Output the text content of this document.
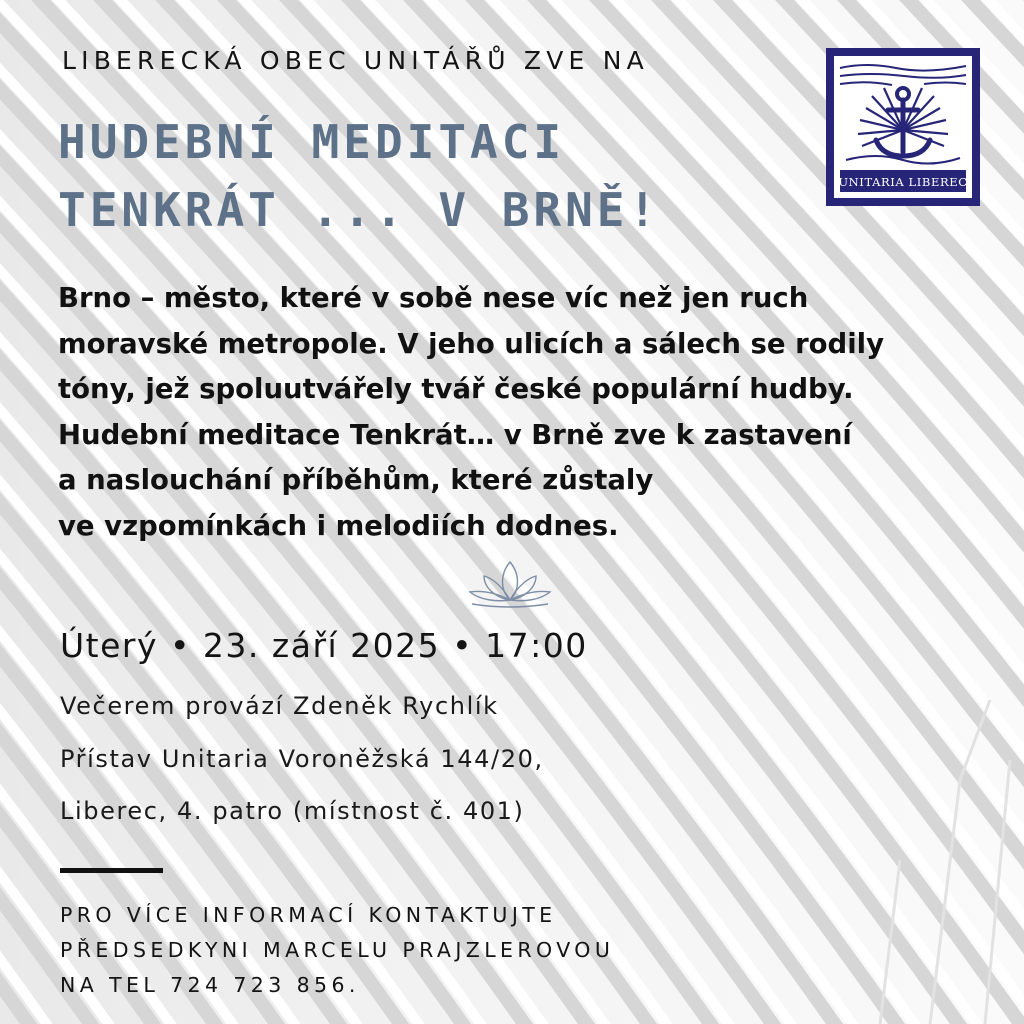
LIBERECKÁ OBEC UNITÁŘŮ ZVE NA
HUDEBNÍ MEDITACI
TENKRÁT ... V BRNĚ!
UNITARIA LIBEREC
Brno – město, které v sobě nese víc než jen ruch
moravské metropole. V jeho ulicích a sálech se rodily
tóny, jež spoluutvářely tvář české populární hudby.
Hudební meditace Tenkrát… v Brně zve k zastavení
a naslouchání příběhům, které zůstaly
ve vzpomínkách i melodiích dodnes.
Úterý • 23. září 2025 • 17:00
Večerem provází Zdeněk Rychlík
Přístav Unitaria Voroněžská 144/20,
Liberec, 4. patro (místnost č. 401)
PRO VÍCE INFORMACÍ KONTAKTUJTE
PŘEDSEDKYNI MARCELU PRAJZLEROVOU
NA TEL 724 723 856.
